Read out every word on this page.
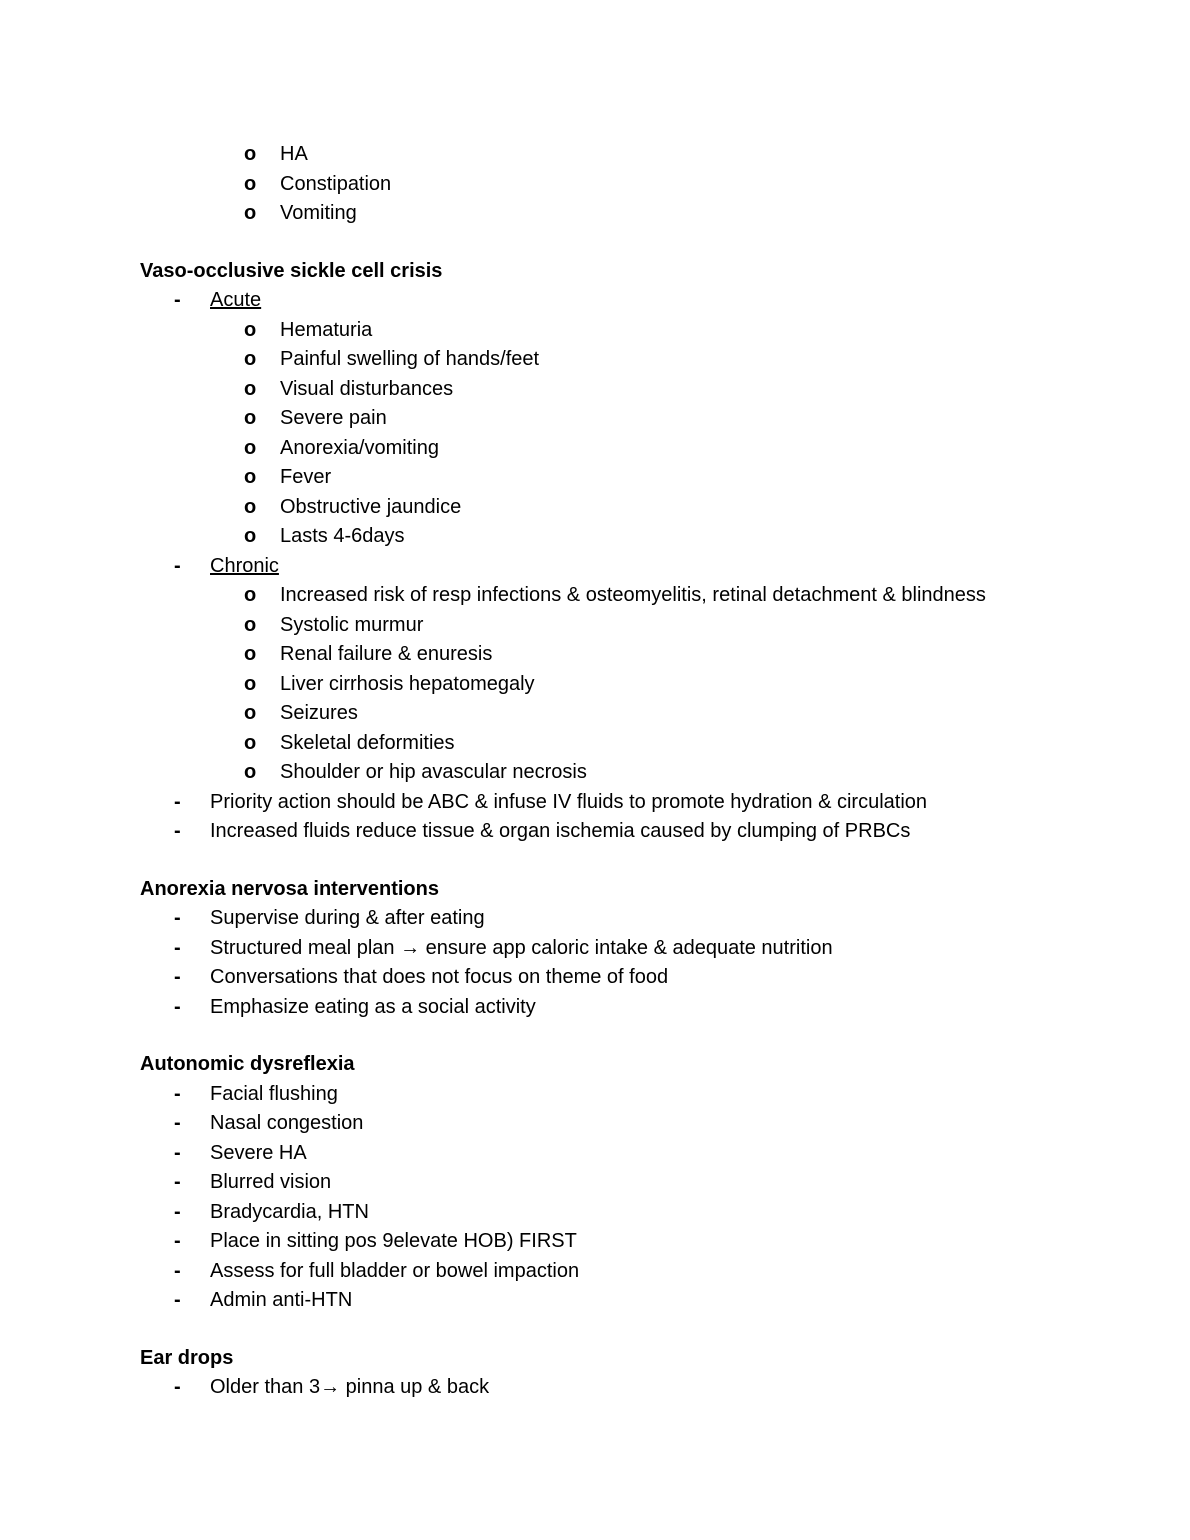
o HA
o Constipation
o Vomiting
Vaso-occlusive sickle cell crisis
- Acute
o Hematuria
o Painful swelling of hands/feet
o Visual disturbances
o Severe pain
o Anorexia/vomiting
o Fever
o Obstructive jaundice
o Lasts 4-6days
- Chronic
o Increased risk of resp infections & osteomyelitis, retinal detachment & blindness
o Systolic murmur
o Renal failure & enuresis
o Liver cirrhosis hepatomegaly
o Seizures
o Skeletal deformities
o Shoulder or hip avascular necrosis
- Priority action should be ABC & infuse IV fluids to promote hydration & circulation
- Increased fluids reduce tissue & organ ischemia caused by clumping of PRBCs
Anorexia nervosa interventions
- Supervise during & after eating
- Structured meal plan → ensure app caloric intake & adequate nutrition
- Conversations that does not focus on theme of food
- Emphasize eating as a social activity
Autonomic dysreflexia
- Facial flushing
- Nasal congestion
- Severe HA
- Blurred vision
- Bradycardia, HTN
- Place in sitting pos 9elevate HOB) FIRST
- Assess for full bladder or bowel impaction
- Admin anti-HTN
Ear drops
- Older than 3→ pinna up & back
